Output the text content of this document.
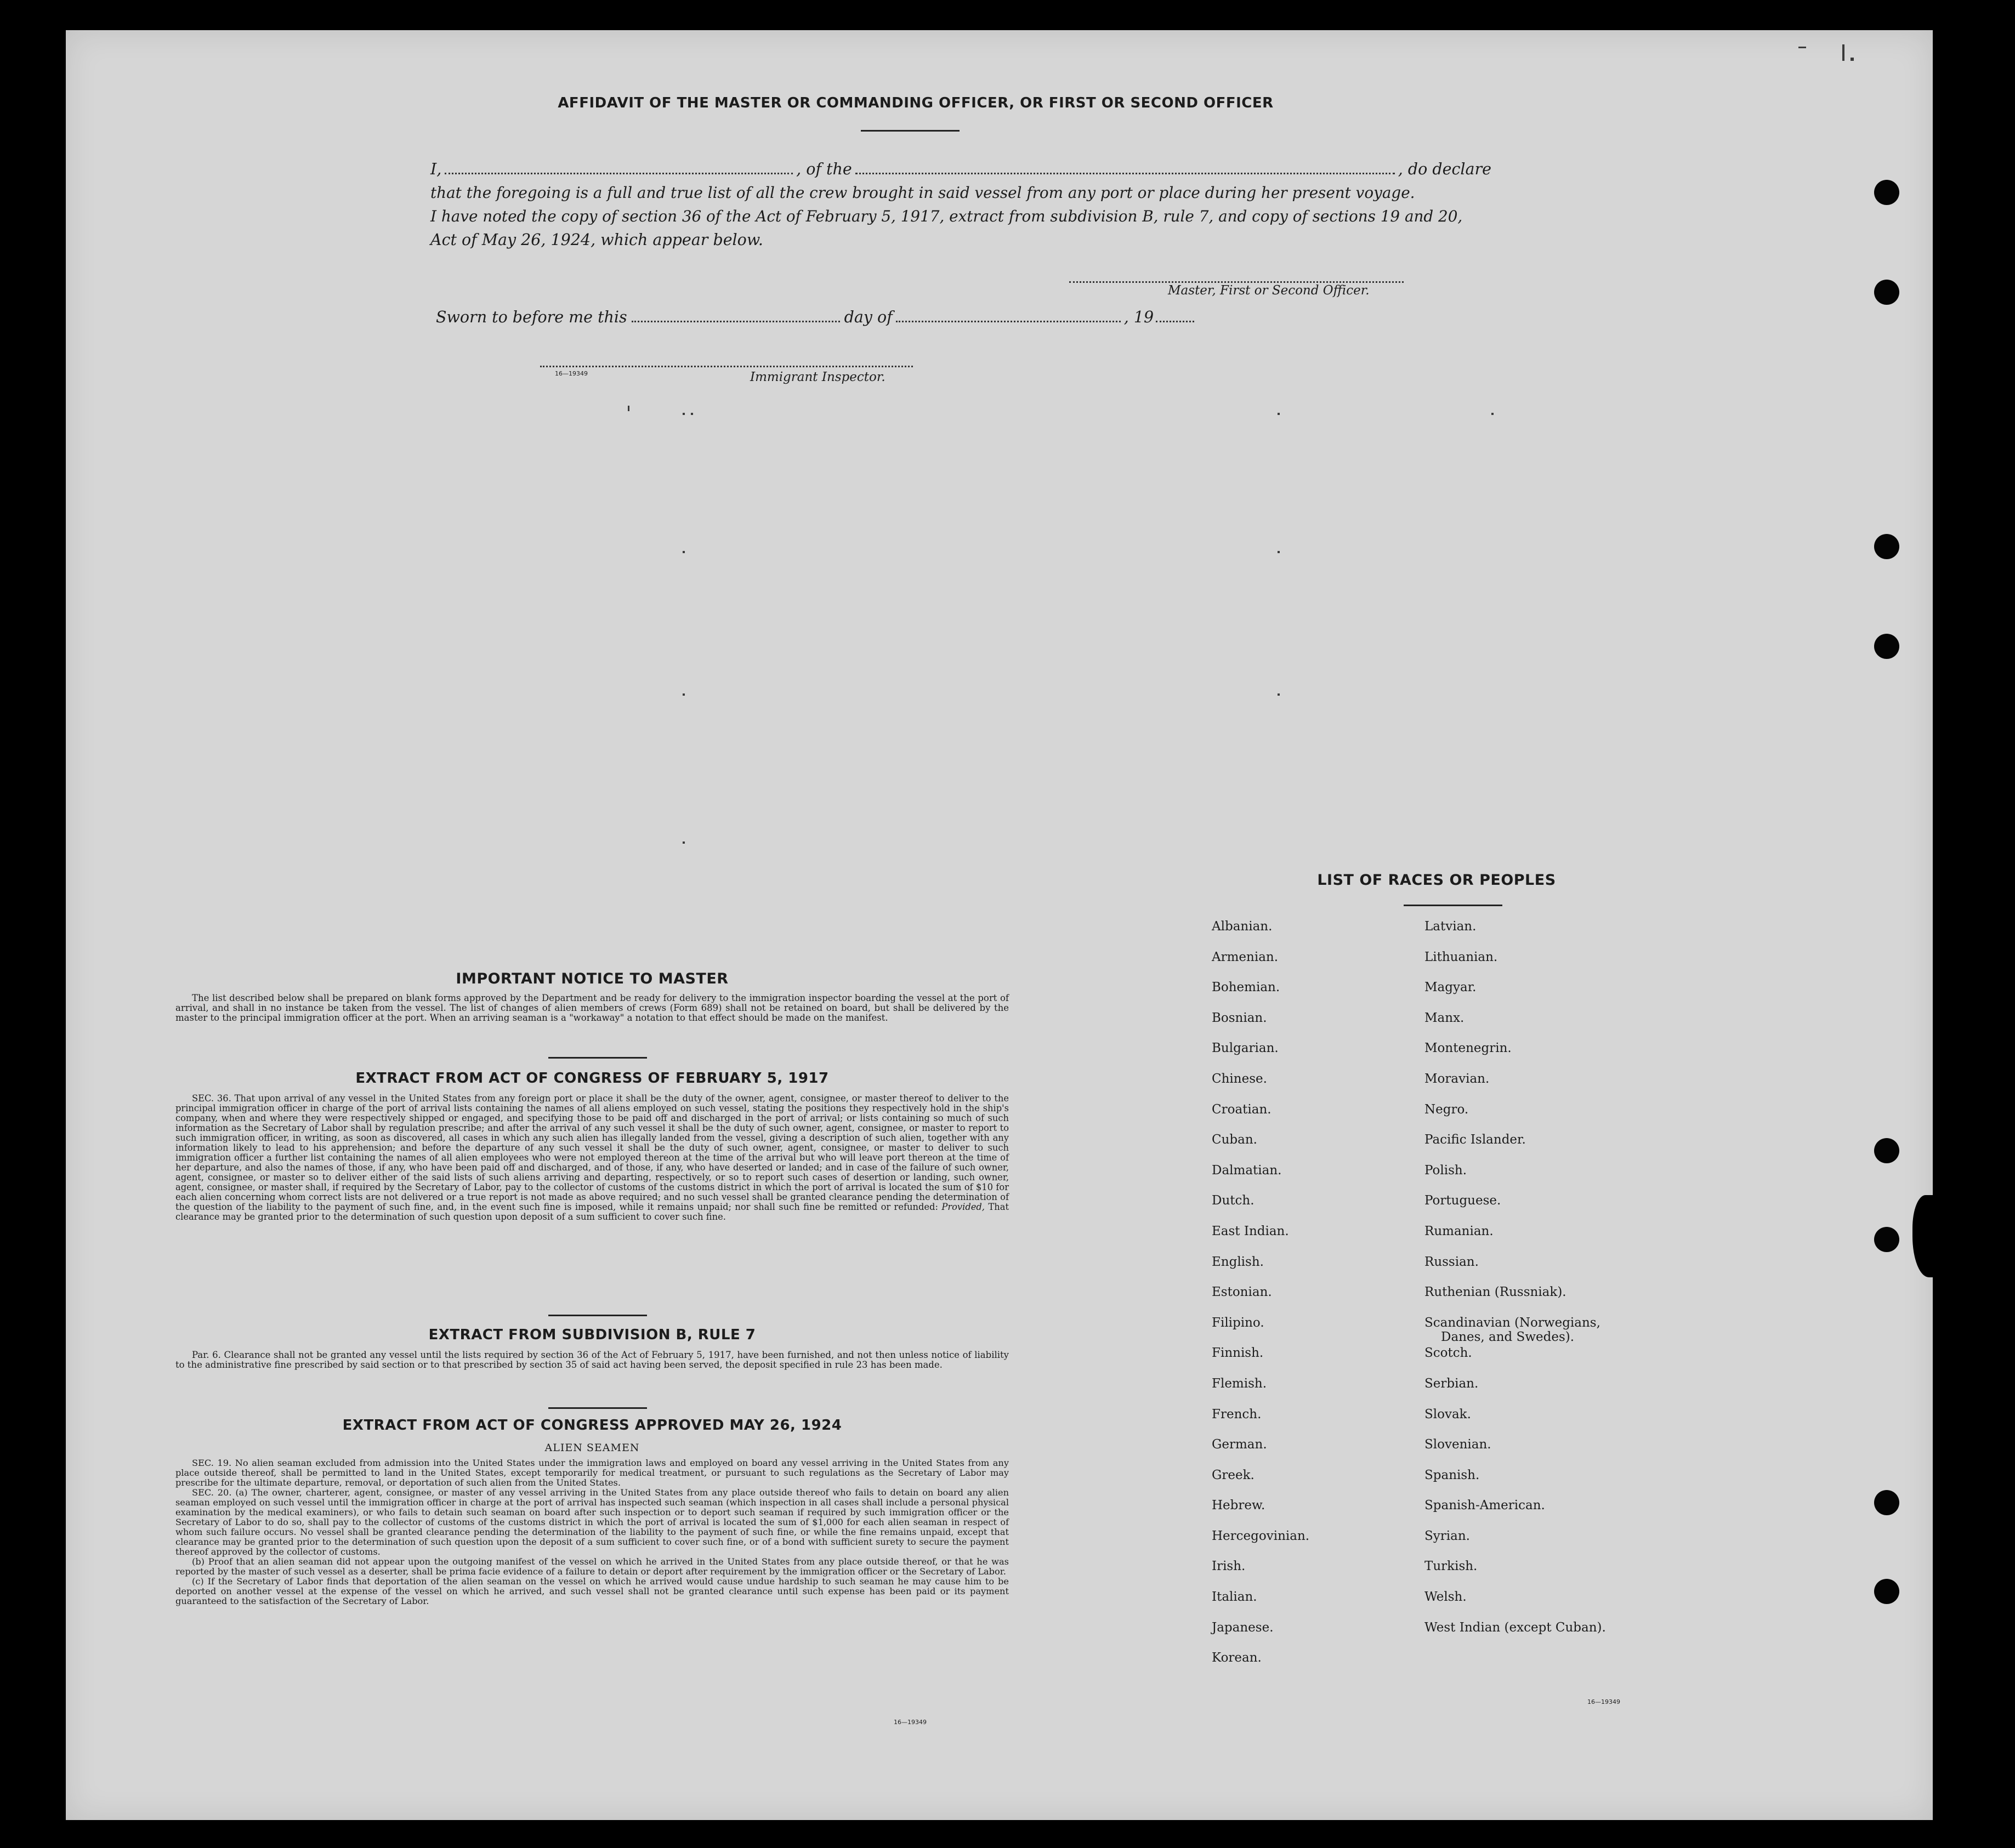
AFFIDAVIT OF THE MASTER OR COMMANDING OFFICER, OR FIRST OR SECOND OFFICER

I,	, of the	, do declare

that the foregoing is a full and true list of all the crew brought in said vessel from any port or place during her present voyage.

I have noted the copy of section 36 of the Act of February 5, 1917, extract from subdivision B, rule 7, and copy of sections 19 and 20,

Act of May 26, 1924, which appear below.

Master, First or Second Officer.
Sworn to before me this	day of	, 19
16—19349	Immigrant Inspector.
IMPORTANT NOTICE TO MASTER

The list described below shall be prepared on blank forms approved by the Department and be ready for delivery to the immigration inspector boarding the vessel at the port of arrival, and shall in no instance be taken from the vessel. The list of changes of alien members of crews (Form 689) shall not be retained on board, but shall be delivered by the master to the principal immigration officer at the port. When an arriving seaman is a "workaway" a notation to that effect should be made on the manifest.

EXTRACT FROM ACT OF CONGRESS OF FEBRUARY 5, 1917

SEC. 36. That upon arrival of any vessel in the United States from any foreign port or place it shall be the duty of the owner, agent, consignee, or master thereof to deliver to the principal immigration officer in charge of the port of arrival lists containing the names of all aliens employed on such vessel, stating the positions they respectively hold in the ship's company, when and where they were respectively shipped or engaged, and specifying those to be paid off and discharged in the port of arrival; or lists containing so much of such information as the Secretary of Labor shall by regulation prescribe; and after the arrival of any such vessel it shall be the duty of such owner, agent, consignee, or master to report to such immigration officer, in writing, as soon as discovered, all cases in which any such alien has illegally landed from the vessel, giving a description of such alien, together with any information likely to lead to his apprehension; and before the departure of any such vessel it shall be the duty of such owner, agent, consignee, or master to deliver to such immigration officer a further list containing the names of all alien employees who were not employed thereon at the time of the arrival but who will leave port thereon at the time of her departure, and also the names of those, if any, who have been paid off and discharged, and of those, if any, who have deserted or landed; and in case of the failure of such owner, agent, consignee, or master so to deliver either of the said lists of such aliens arriving and departing, respectively, or so to report such cases of desertion or landing, such owner, agent, consignee, or master shall, if required by the Secretary of Labor, pay to the collector of customs of the customs district in which the port of arrival is located the sum of $10 for each alien concerning whom correct lists are not delivered or a true report is not made as above required; and no such vessel shall be granted clearance pending the determination of the question of the liability to the payment of such fine, and, in the event such fine is imposed, while it remains unpaid; nor shall such fine be remitted or refunded: Provided, That clearance may be granted prior to the determination of such question upon deposit of a sum sufficient to cover such fine.

EXTRACT FROM SUBDIVISION B, RULE 7

Par. 6. Clearance shall not be granted any vessel until the lists required by section 36 of the Act of February 5, 1917, have been furnished, and not then unless notice of liability to the administrative fine prescribed by said section or to that prescribed by section 35 of said act having been served, the deposit specified in rule 23 has been made.

EXTRACT FROM ACT OF CONGRESS APPROVED MAY 26, 1924
ALIEN SEAMEN

SEC. 19. No alien seaman excluded from admission into the United States under the immigration laws and employed on board any vessel arriving in the United States from any place outside thereof, shall be permitted to land in the United States, except temporarily for medical treatment, or pursuant to such regulations as the Secretary of Labor may prescribe for the ultimate departure, removal, or deportation of such alien from the United States.

SEC. 20. (a) The owner, charterer, agent, consignee, or master of any vessel arriving in the United States from any place outside thereof who fails to detain on board any alien seaman employed on such vessel until the immigration officer in charge at the port of arrival has inspected such seaman (which inspection in all cases shall include a personal physical examination by the medical examiners), or who fails to detain such seaman on board after such inspection or to deport such seaman if required by such immigration officer or the Secretary of Labor to do so, shall pay to the collector of customs of the customs district in which the port of arrival is located the sum of $1,000 for each alien seaman in respect of whom such failure occurs. No vessel shall be granted clearance pending the determination of the liability to the payment of such fine, or while the fine remains unpaid, except that clearance may be granted prior to the determination of such question upon the deposit of a sum sufficient to cover such fine, or of a bond with sufficient surety to secure the payment thereof approved by the collector of customs.

(b) Proof that an alien seaman did not appear upon the outgoing manifest of the vessel on which he arrived in the United States from any place outside thereof, or that he was reported by the master of such vessel as a deserter, shall be prima facie evidence of a failure to detain or deport after requirement by the immigration officer or the Secretary of Labor.

(c) If the Secretary of Labor finds that deportation of the alien seaman on the vessel on which he arrived would cause undue hardship to such seaman he may cause him to be deported on another vessel at the expense of the vessel on which he arrived, and such vessel shall not be granted clearance until such expense has been paid or its payment guaranteed to the satisfaction of the Secretary of Labor.

16—19349
LIST OF RACES OR PEOPLES
Albanian.
Armenian.
Bohemian.
Bosnian.
Bulgarian.
Chinese.
Croatian.
Cuban.
Dalmatian.
Dutch.
East Indian.
English.
Estonian.
Filipino.
Finnish.
Flemish.
French.
German.
Greek.
Hebrew.
Hercegovinian.
Irish.
Italian.
Japanese.
Korean.
Latvian.
Lithuanian.
Magyar.
Manx.
Montenegrin.
Moravian.
Negro.
Pacific Islander.
Polish.
Portuguese.
Rumanian.
Russian.
Ruthenian (Russniak).
Scandinavian (Norwegians,
Danes, and Swedes).
Scotch.
Serbian.
Slovak.
Slovenian.
Spanish.
Spanish-American.
Syrian.
Turkish.
Welsh.
West Indian (except Cuban).
16—19349
